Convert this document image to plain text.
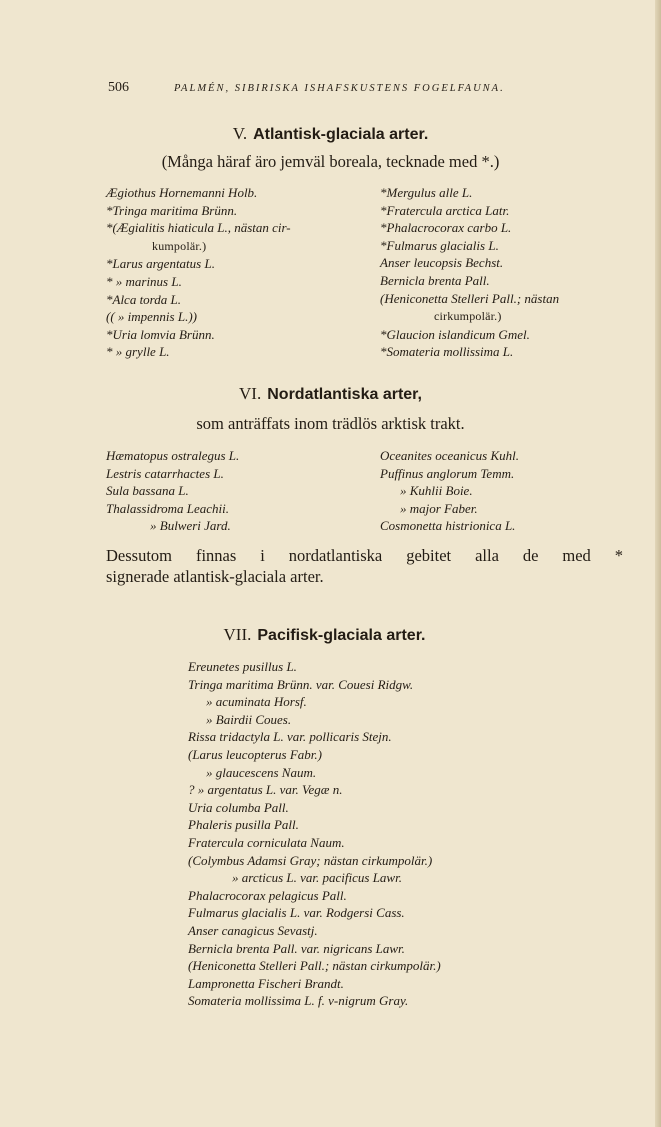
506	PALMÉN, SIBIRISKA ISHAFSKUSTENS FOGELFAUNA.
V. Atlantisk-glaciala arter.
(Många häraf äro jemväl boreala, tecknade med *.)
Ægiothus Hornemanni Holb.
*Tringa maritima Brünn.
*(Ægialitis hiaticula L., nästan cir-
kumpolär.)
*Larus argentatus L.
* » marinus L.
*Alca torda L.
(( » impennis L.))
*Uria lomvia Brünn.
* » grylle L.
*Mergulus alle L.
*Fratercula arctica Latr.
*Phalacrocorax carbo L.
*Fulmarus glacialis L.
Anser leucopsis Bechst.
Bernicla brenta Pall.
(Heniconetta Stelleri Pall.; nästan
cirkumpolär.)
*Glaucion islandicum Gmel.
*Somateria mollissima L.
VI. Nordatlantiska arter,
som anträffats inom trädlös arktisk trakt.
Hæmatopus ostralegus L.
Lestris catarrhactes L.
Sula bassana L.
Thalassidroma Leachii.
» Bulweri Jard.
Oceanites oceanicus Kuhl.
Puffinus anglorum Temm.
» Kuhlii Boie.
» major Faber.
Cosmonetta histrionica L.
Dessutom finnas i nordatlantiska gebitet alla de med *
signerade atlantisk-glaciala arter.
VII. Pacifisk-glaciala arter.
Ereunetes pusillus L.
Tringa maritima Brünn. var. Couesi Ridgw.
» acuminata Horsf.
» Bairdii Coues.
Rissa tridactyla L. var. pollicaris Stejn.
(Larus leucopterus Fabr.)
» glaucescens Naum.
? » argentatus L. var. Vegæ n.
Uria columba Pall.
Phaleris pusilla Pall.
Fratercula corniculata Naum.
(Colymbus Adamsi Gray; nästan cirkumpolär.)
» arcticus L. var. pacificus Lawr.
Phalacrocorax pelagicus Pall.
Fulmarus glacialis L. var. Rodgersi Cass.
Anser canagicus Sevastj.
Bernicla brenta Pall. var. nigricans Lawr.
(Heniconetta Stelleri Pall.; nästan cirkumpolär.)
Lampronetta Fischeri Brandt.
Somateria mollissima L. f. v-nigrum Gray.
